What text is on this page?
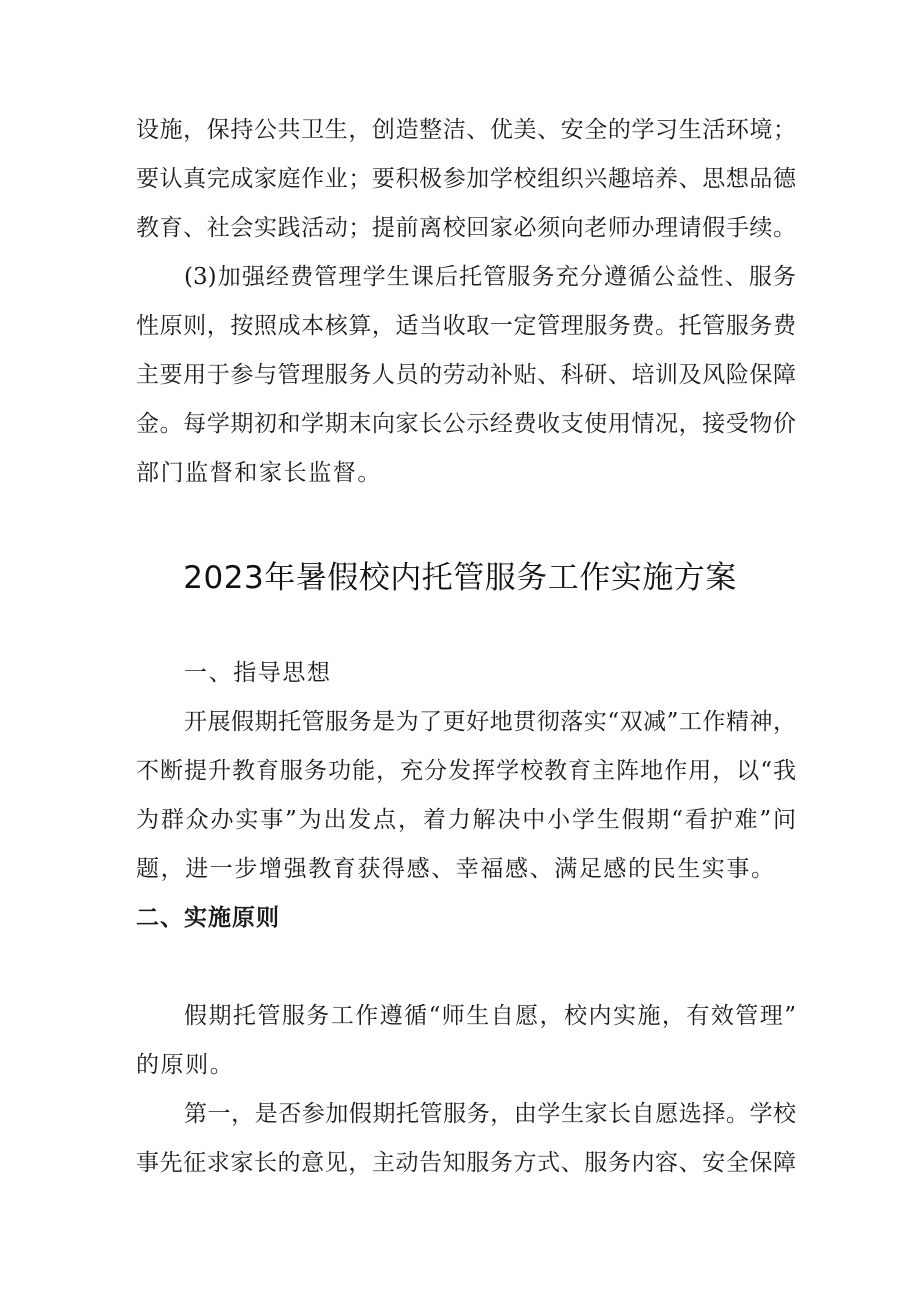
设施，保持公共卫生，创造整洁、优美、安全的学习生活环境；
要认真完成家庭作业；要积极参加学校组织兴趣培养、思想品德
教育、社会实践活动；提前离校回家必须向老师办理请假手续。
(3)加强经费管理学生课后托管服务充分遵循公益性、服务
性原则，按照成本核算，适当收取一定管理服务费。托管服务费
主要用于参与管理服务人员的劳动补贴、科研、培训及风险保障
金。每学期初和学期末向家长公示经费收支使用情况，接受物价
部门监督和家长监督。
2023年暑假校内托管服务工作实施方案
一、指导思想
开展假期托管服务是为了更好地贯彻落实“双减”工作精神，
不断提升教育服务功能，充分发挥学校教育主阵地作用，以“我
为群众办实事”为出发点，着力解决中小学生假期“看护难”问
题，进一步增强教育获得感、幸福感、满足感的民生实事。
二、实施原则
假期托管服务工作遵循“师生自愿，校内实施，有效管理”
的原则。
第一，是否参加假期托管服务，由学生家长自愿选择。学校
事先征求家长的意见，主动告知服务方式、服务内容、安全保障
